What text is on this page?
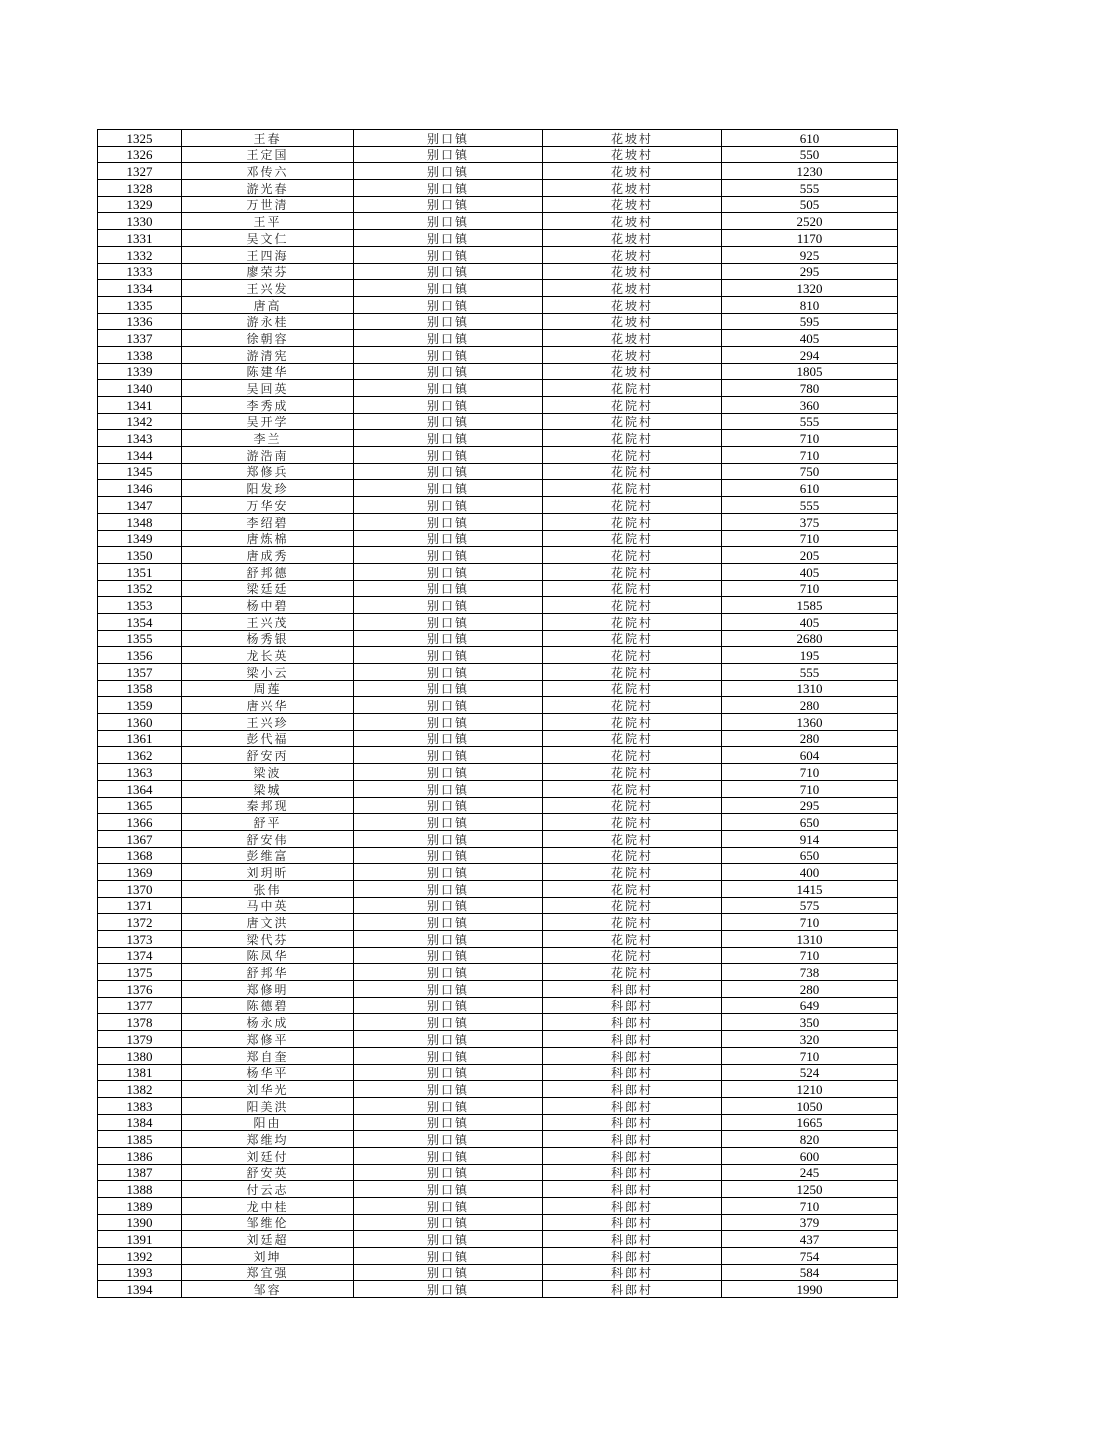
1325	王春	别口镇	花坡村	610
1326	王定国	别口镇	花坡村	550
1327	邓传六	别口镇	花坡村	1230
1328	游光春	别口镇	花坡村	555
1329	万世清	别口镇	花坡村	505
1330	王平	别口镇	花坡村	2520
1331	吴文仁	别口镇	花坡村	1170
1332	王四海	别口镇	花坡村	925
1333	廖荣芬	别口镇	花坡村	295
1334	王兴发	别口镇	花坡村	1320
1335	唐高	别口镇	花坡村	810
1336	游永桂	别口镇	花坡村	595
1337	徐朝容	别口镇	花坡村	405
1338	游清宪	别口镇	花坡村	294
1339	陈建华	别口镇	花坡村	1805
1340	吴回英	别口镇	花院村	780
1341	李秀成	别口镇	花院村	360
1342	吴开学	别口镇	花院村	555
1343	李兰	别口镇	花院村	710
1344	游浩南	别口镇	花院村	710
1345	郑修兵	别口镇	花院村	750
1346	阳发珍	别口镇	花院村	610
1347	万华安	别口镇	花院村	555
1348	李绍碧	别口镇	花院村	375
1349	唐炼棉	别口镇	花院村	710
1350	唐成秀	别口镇	花院村	205
1351	舒邦德	别口镇	花院村	405
1352	梁廷廷	别口镇	花院村	710
1353	杨中碧	别口镇	花院村	1585
1354	王兴茂	别口镇	花院村	405
1355	杨秀银	别口镇	花院村	2680
1356	龙长英	别口镇	花院村	195
1357	梁小云	别口镇	花院村	555
1358	周莲	别口镇	花院村	1310
1359	唐兴华	别口镇	花院村	280
1360	王兴珍	别口镇	花院村	1360
1361	彭代福	别口镇	花院村	280
1362	舒安丙	别口镇	花院村	604
1363	梁波	别口镇	花院村	710
1364	梁城	别口镇	花院村	710
1365	秦邦现	别口镇	花院村	295
1366	舒平	别口镇	花院村	650
1367	舒安伟	别口镇	花院村	914
1368	彭维富	别口镇	花院村	650
1369	刘玥昕	别口镇	花院村	400
1370	张伟	别口镇	花院村	1415
1371	马中英	别口镇	花院村	575
1372	唐文洪	别口镇	花院村	710
1373	梁代芬	别口镇	花院村	1310
1374	陈凤华	别口镇	花院村	710
1375	舒邦华	别口镇	花院村	738
1376	郑修明	别口镇	科郎村	280
1377	陈德碧	别口镇	科郎村	649
1378	杨永成	别口镇	科郎村	350
1379	郑修平	别口镇	科郎村	320
1380	郑自奎	别口镇	科郎村	710
1381	杨华平	别口镇	科郎村	524
1382	刘华光	别口镇	科郎村	1210
1383	阳美洪	别口镇	科郎村	1050
1384	阳由	别口镇	科郎村	1665
1385	郑维均	别口镇	科郎村	820
1386	刘廷付	别口镇	科郎村	600
1387	舒安英	别口镇	科郎村	245
1388	付云志	别口镇	科郎村	1250
1389	龙中桂	别口镇	科郎村	710
1390	邹维伦	别口镇	科郎村	379
1391	刘廷超	别口镇	科郎村	437
1392	刘坤	别口镇	科郎村	754
1393	郑宜强	别口镇	科郎村	584
1394	邹容	别口镇	科郎村	1990
